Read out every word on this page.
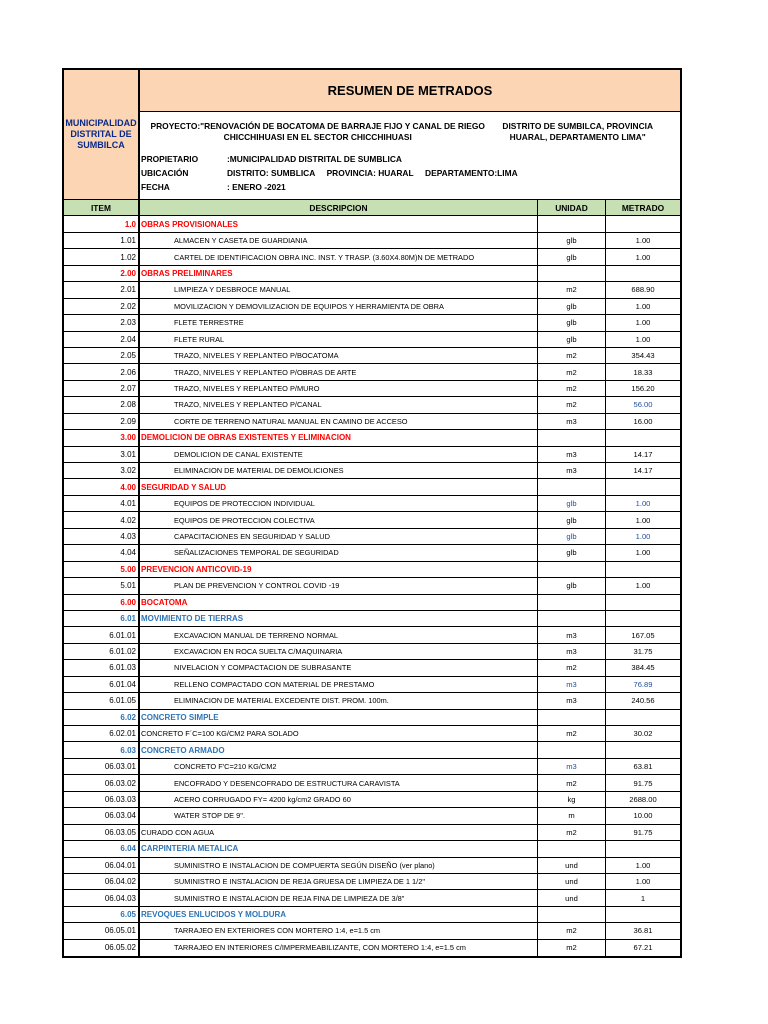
MUNICIPALIDAD DISTRITAL DE SUMBILCA
RESUMEN DE METRADOS
PROYECTO:"RENOVACIÓN DE BOCATOMA DE BARRAJE FIJO Y CANAL DE RIEGO CHICCHIHUASI EN EL SECTOR CHICCHIHUASI

DISTRITO DE SUMBILCA, PROVINCIA HUARAL, DEPARTAMENTO LIMA"
PROPIETARIO	:MUNICIPALIDAD DISTRITAL DE SUMBLICA
UBICACIÓN	DISTRITO: SUMBLICA     PROVINCIA: HUARAL     DEPARTAMENTO:LIMA
FECHA	: ENERO -2021
ITEM	DESCRIPCION	UNIDAD	METRADO
1.0 OBRAS PROVISIONALES
1.01	ALMACEN Y CASETA DE GUARDIANIA	glb	1.00
1.02	CARTEL DE IDENTIFICACION OBRA INC. INST. Y TRASP. (3.60X4.80M)N DE METRADO	glb	1.00
2.00 OBRAS PRELIMINARES
2.01	LIMPIEZA Y DESBROCE MANUAL	m2	688.90
2.02	MOVILIZACION Y DEMOVILIZACION DE EQUIPOS Y HERRAMIENTA DE OBRA	glb	1.00
2.03	FLETE TERRESTRE	glb	1.00
2.04	FLETE RURAL	glb	1.00
2.05	TRAZO, NIVELES Y REPLANTEO P/BOCATOMA	m2	354.43
2.06	TRAZO, NIVELES Y REPLANTEO P/OBRAS DE ARTE	m2	18.33
2.07	TRAZO, NIVELES Y REPLANTEO P/MURO	m2	156.20
2.08	TRAZO, NIVELES Y REPLANTEO P/CANAL	m2	56.00
2.09	CORTE DE TERRENO NATURAL MANUAL EN CAMINO DE ACCESO	m3	16.00
3.00 DEMOLICION DE OBRAS EXISTENTES Y ELIMINACION
3.01	DEMOLICION DE CANAL EXISTENTE	m3	14.17
3.02	ELIMINACION DE MATERIAL DE DEMOLICIONES	m3	14.17
4.00 SEGURIDAD Y SALUD
4.01	EQUIPOS DE PROTECCION INDIVIDUAL	glb	1.00
4.02	EQUIPOS DE PROTECCION COLECTIVA	glb	1.00
4.03	CAPACITACIONES EN SEGURIDAD Y SALUD	glb	1.00
4.04	SEÑALIZACIONES TEMPORAL DE SEGURIDAD	glb	1.00
5.00 PREVENCION ANTICOVID-19
5.01	PLAN DE PREVENCION Y CONTROL COVID -19	glb	1.00
6.00 BOCATOMA
6.01 MOVIMIENTO DE TIERRAS
6.01.01	EXCAVACION MANUAL DE TERRENO NORMAL	m3	167.05
6.01.02	EXCAVACION EN ROCA SUELTA C/MAQUINARIA	m3	31.75
6.01.03	NIVELACION Y COMPACTACION DE SUBRASANTE	m2	384.45
6.01.04	RELLENO COMPACTADO CON MATERIAL DE PRESTAMO	m3	76.89
6.01.05	ELIMINACION DE MATERIAL EXCEDENTE DIST. PROM. 100m.	m3	240.56
6.02 CONCRETO SIMPLE
6.02.01 CONCRETO F´C=100 KG/CM2 PARA SOLADO	m2	30.02
6.03 CONCRETO ARMADO
06.03.01	CONCRETO F'C=210 KG/CM2	m3	63.81
06.03.02	ENCOFRADO Y DESENCOFRADO DE ESTRUCTURA CARAVISTA	m2	91.75
06.03.03	ACERO CORRUGADO FY= 4200 kg/cm2 GRADO 60	kg	2688.00
06.03.04	WATER STOP DE 9".	m	10.00
06.03.05 CURADO CON AGUA	m2	91.75
6.04 CARPINTERIA METALICA
06.04.01	SUMINISTRO E INSTALACION DE COMPUERTA SEGÚN DISEÑO (ver plano)	und	1.00
06.04.02	SUMINISTRO E INSTALACION DE REJA GRUESA DE LIMPIEZA DE 1 1/2"	und	1.00
06.04.03	SUMINISTRO E INSTALACION DE REJA FINA DE LIMPIEZA DE 3/8"	und	1
6.05 REVOQUES ENLUCIDOS Y MOLDURA
06.05.01	TARRAJEO EN EXTERIORES CON MORTERO 1:4, e=1.5 cm	m2	36.81
06.05.02	TARRAJEO EN INTERIORES C/IMPERMEABILIZANTE, CON MORTERO 1:4, e=1.5 cm	m2	67.21
